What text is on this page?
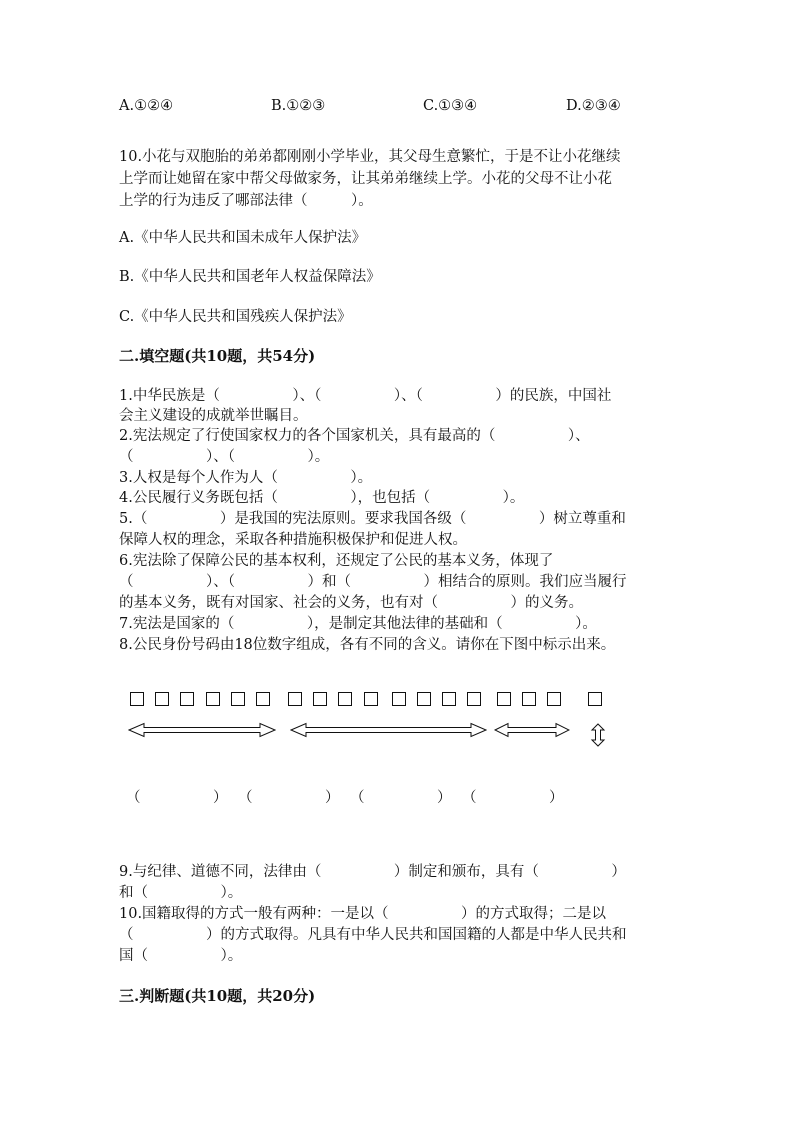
A.①②④	B.①②③	C.①③④	D.②③④
10.小花与双胞胎的弟弟都刚刚小学毕业，其父母生意繁忙，于是不让小花继续
上学而让她留在家中帮父母做家务，让其弟弟继续上学。小花的父母不让小花
上学的行为违反了哪部法律（　　　）。
A.《中华人民共和国未成年人保护法》
B.《中华人民共和国老年人权益保障法》
C.《中华人民共和国残疾人保护法》
二.填空题(共10题，共54分)
1.中华民族是（　　　　　）、（　　　　　）、（　　　　　）的民族，中国社
会主义建设的成就举世瞩目。
2.宪法规定了行使国家权力的各个国家机关，具有最高的（　　　　　）、
（　　　　　）、（　　　　　）。
3.人权是每个人作为人（　　　　　）。
4.公民履行义务既包括（　　　　　），也包括（　　　　　）。
5.（　　　　　）是我国的宪法原则。要求我国各级（　　　　　）树立尊重和
保障人权的理念，采取各种措施积极保护和促进人权。
6.宪法除了保障公民的基本权利，还规定了公民的基本义务，体现了
（　　　　　）、（　　　　　）和（　　　　　）相结合的原则。我们应当履行
的基本义务，既有对国家、社会的义务，也有对（　　　　　）的义务。
7.宪法是国家的（　　　　　），是制定其他法律的基础和（　　　　　）。
8.公民身份号码由18位数字组成，各有不同的含义。请你在下图中标示出来。
（　　　　　） （　　　　　） （　　　　　） （　　　　　）
9.与纪律、道德不同，法律由（　　　　　）制定和颁布，具有（　　　　　）
和（　　　　　）。
10.国籍取得的方式一般有两种：一是以（　　　　　）的方式取得；二是以
（　　　　　）的方式取得。凡具有中华人民共和国国籍的人都是中华人民共和
国（　　　　　）。
三.判断题(共10题，共20分)
